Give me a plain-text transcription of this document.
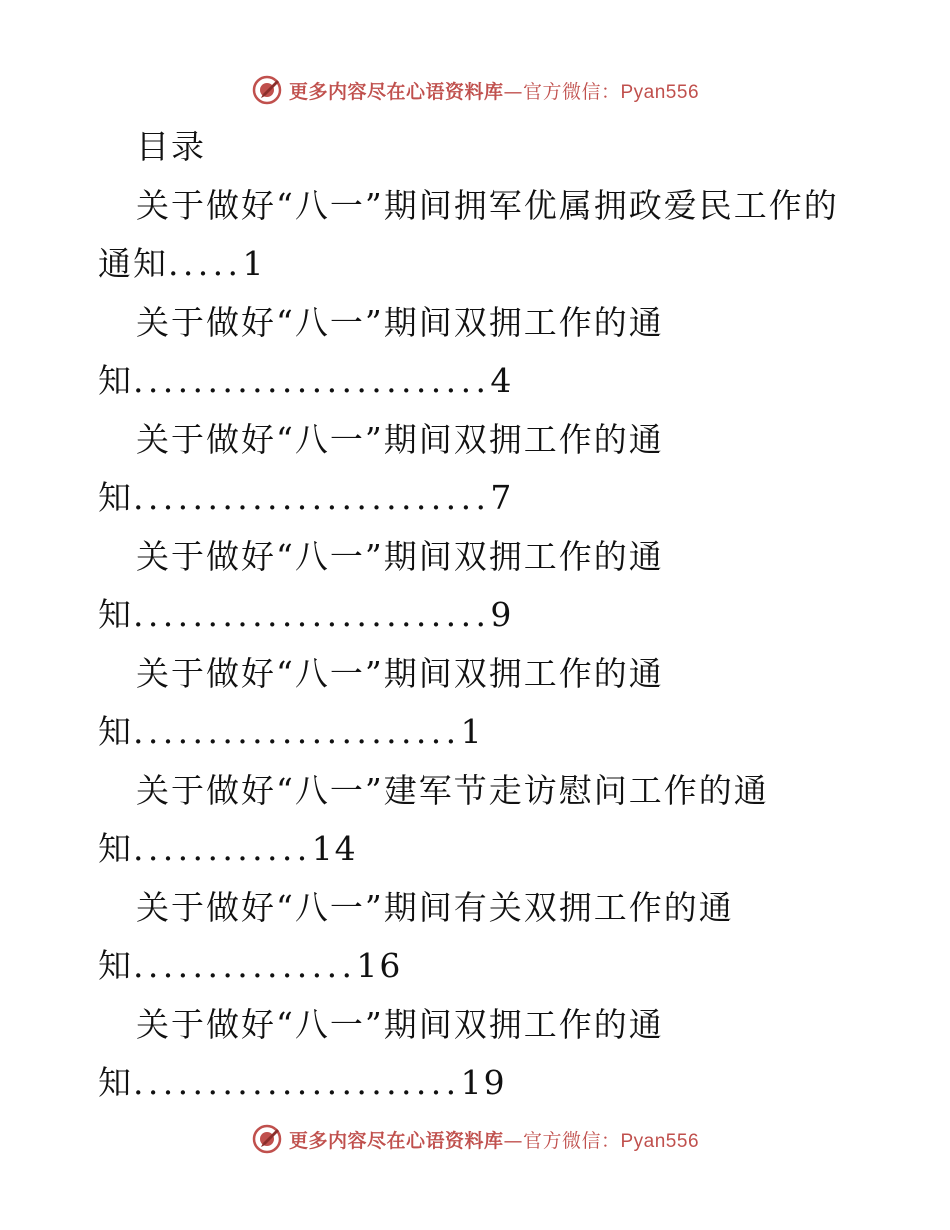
更多内容尽在心语资料库—官方微信：Pyan556
目录
关于做好“八一”期间拥军优属拥政爱民工作的
通知.....1
关于做好“八一”期间双拥工作的通
知........................4
关于做好“八一”期间双拥工作的通
知........................7
关于做好“八一”期间双拥工作的通
知........................9
关于做好“八一”期间双拥工作的通
知......................1
关于做好“八一”建军节走访慰问工作的通
知............14
关于做好“八一”期间有关双拥工作的通
知...............16
关于做好“八一”期间双拥工作的通
知......................19
更多内容尽在心语资料库—官方微信：Pyan556
